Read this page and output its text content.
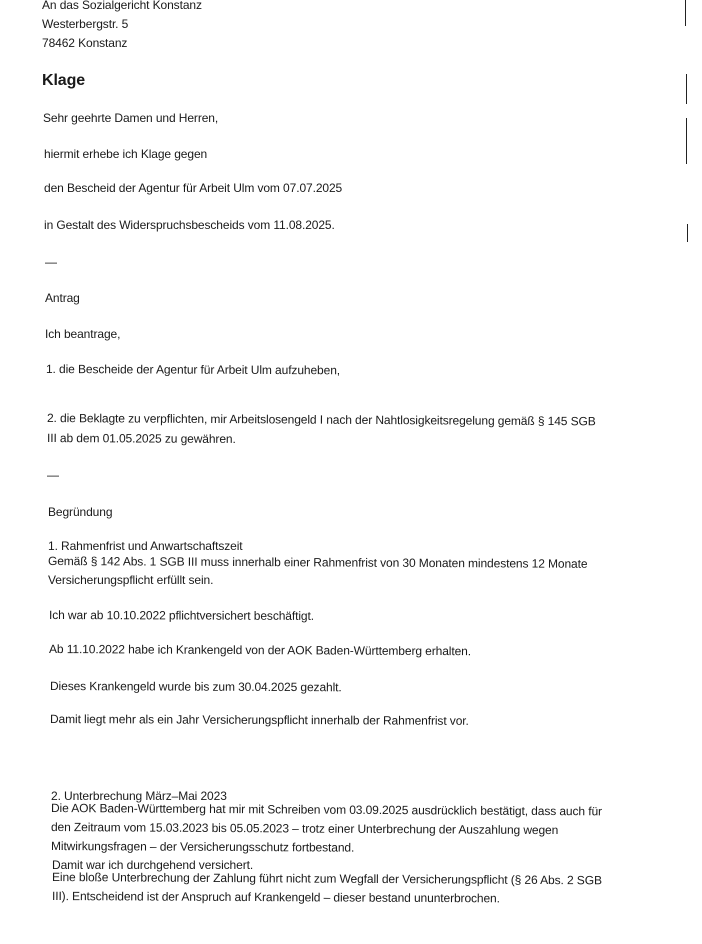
An das Sozialgericht Konstanz
Westerbergstr. 5
78462 Konstanz
Klage
Sehr geehrte Damen und Herren,
hiermit erhebe ich Klage gegen
den Bescheid der Agentur für Arbeit Ulm vom 07.07.2025
in Gestalt des Widerspruchsbescheids vom 11.08.2025.
—
Antrag
Ich beantrage,
1. die Bescheide der Agentur für Arbeit Ulm aufzuheben,
2. die Beklagte zu verpflichten, mir Arbeitslosengeld I nach der Nahtlosigkeitsregelung gemäß § 145 SGB
III ab dem 01.05.2025 zu gewähren.
—
Begründung
1. Rahmenfrist und Anwartschaftszeit
Gemäß § 142 Abs. 1 SGB III muss innerhalb einer Rahmenfrist von 30 Monaten mindestens 12 Monate
Versicherungspflicht erfüllt sein.
Ich war ab 10.10.2022 pflichtversichert beschäftigt.
Ab 11.10.2022 habe ich Krankengeld von der AOK Baden-Württemberg erhalten.
Dieses Krankengeld wurde bis zum 30.04.2025 gezahlt.
Damit liegt mehr als ein Jahr Versicherungspflicht innerhalb der Rahmenfrist vor.
2. Unterbrechung März–Mai 2023
Die AOK Baden-Württemberg hat mir mit Schreiben vom 03.09.2025 ausdrücklich bestätigt, dass auch für
den Zeitraum vom 15.03.2023 bis 05.05.2023 – trotz einer Unterbrechung der Auszahlung wegen
Mitwirkungsfragen – der Versicherungsschutz fortbestand.
Damit war ich durchgehend versichert.
Eine bloße Unterbrechung der Zahlung führt nicht zum Wegfall der Versicherungspflicht (§ 26 Abs. 2 SGB
III). Entscheidend ist der Anspruch auf Krankengeld – dieser bestand ununterbrochen.
